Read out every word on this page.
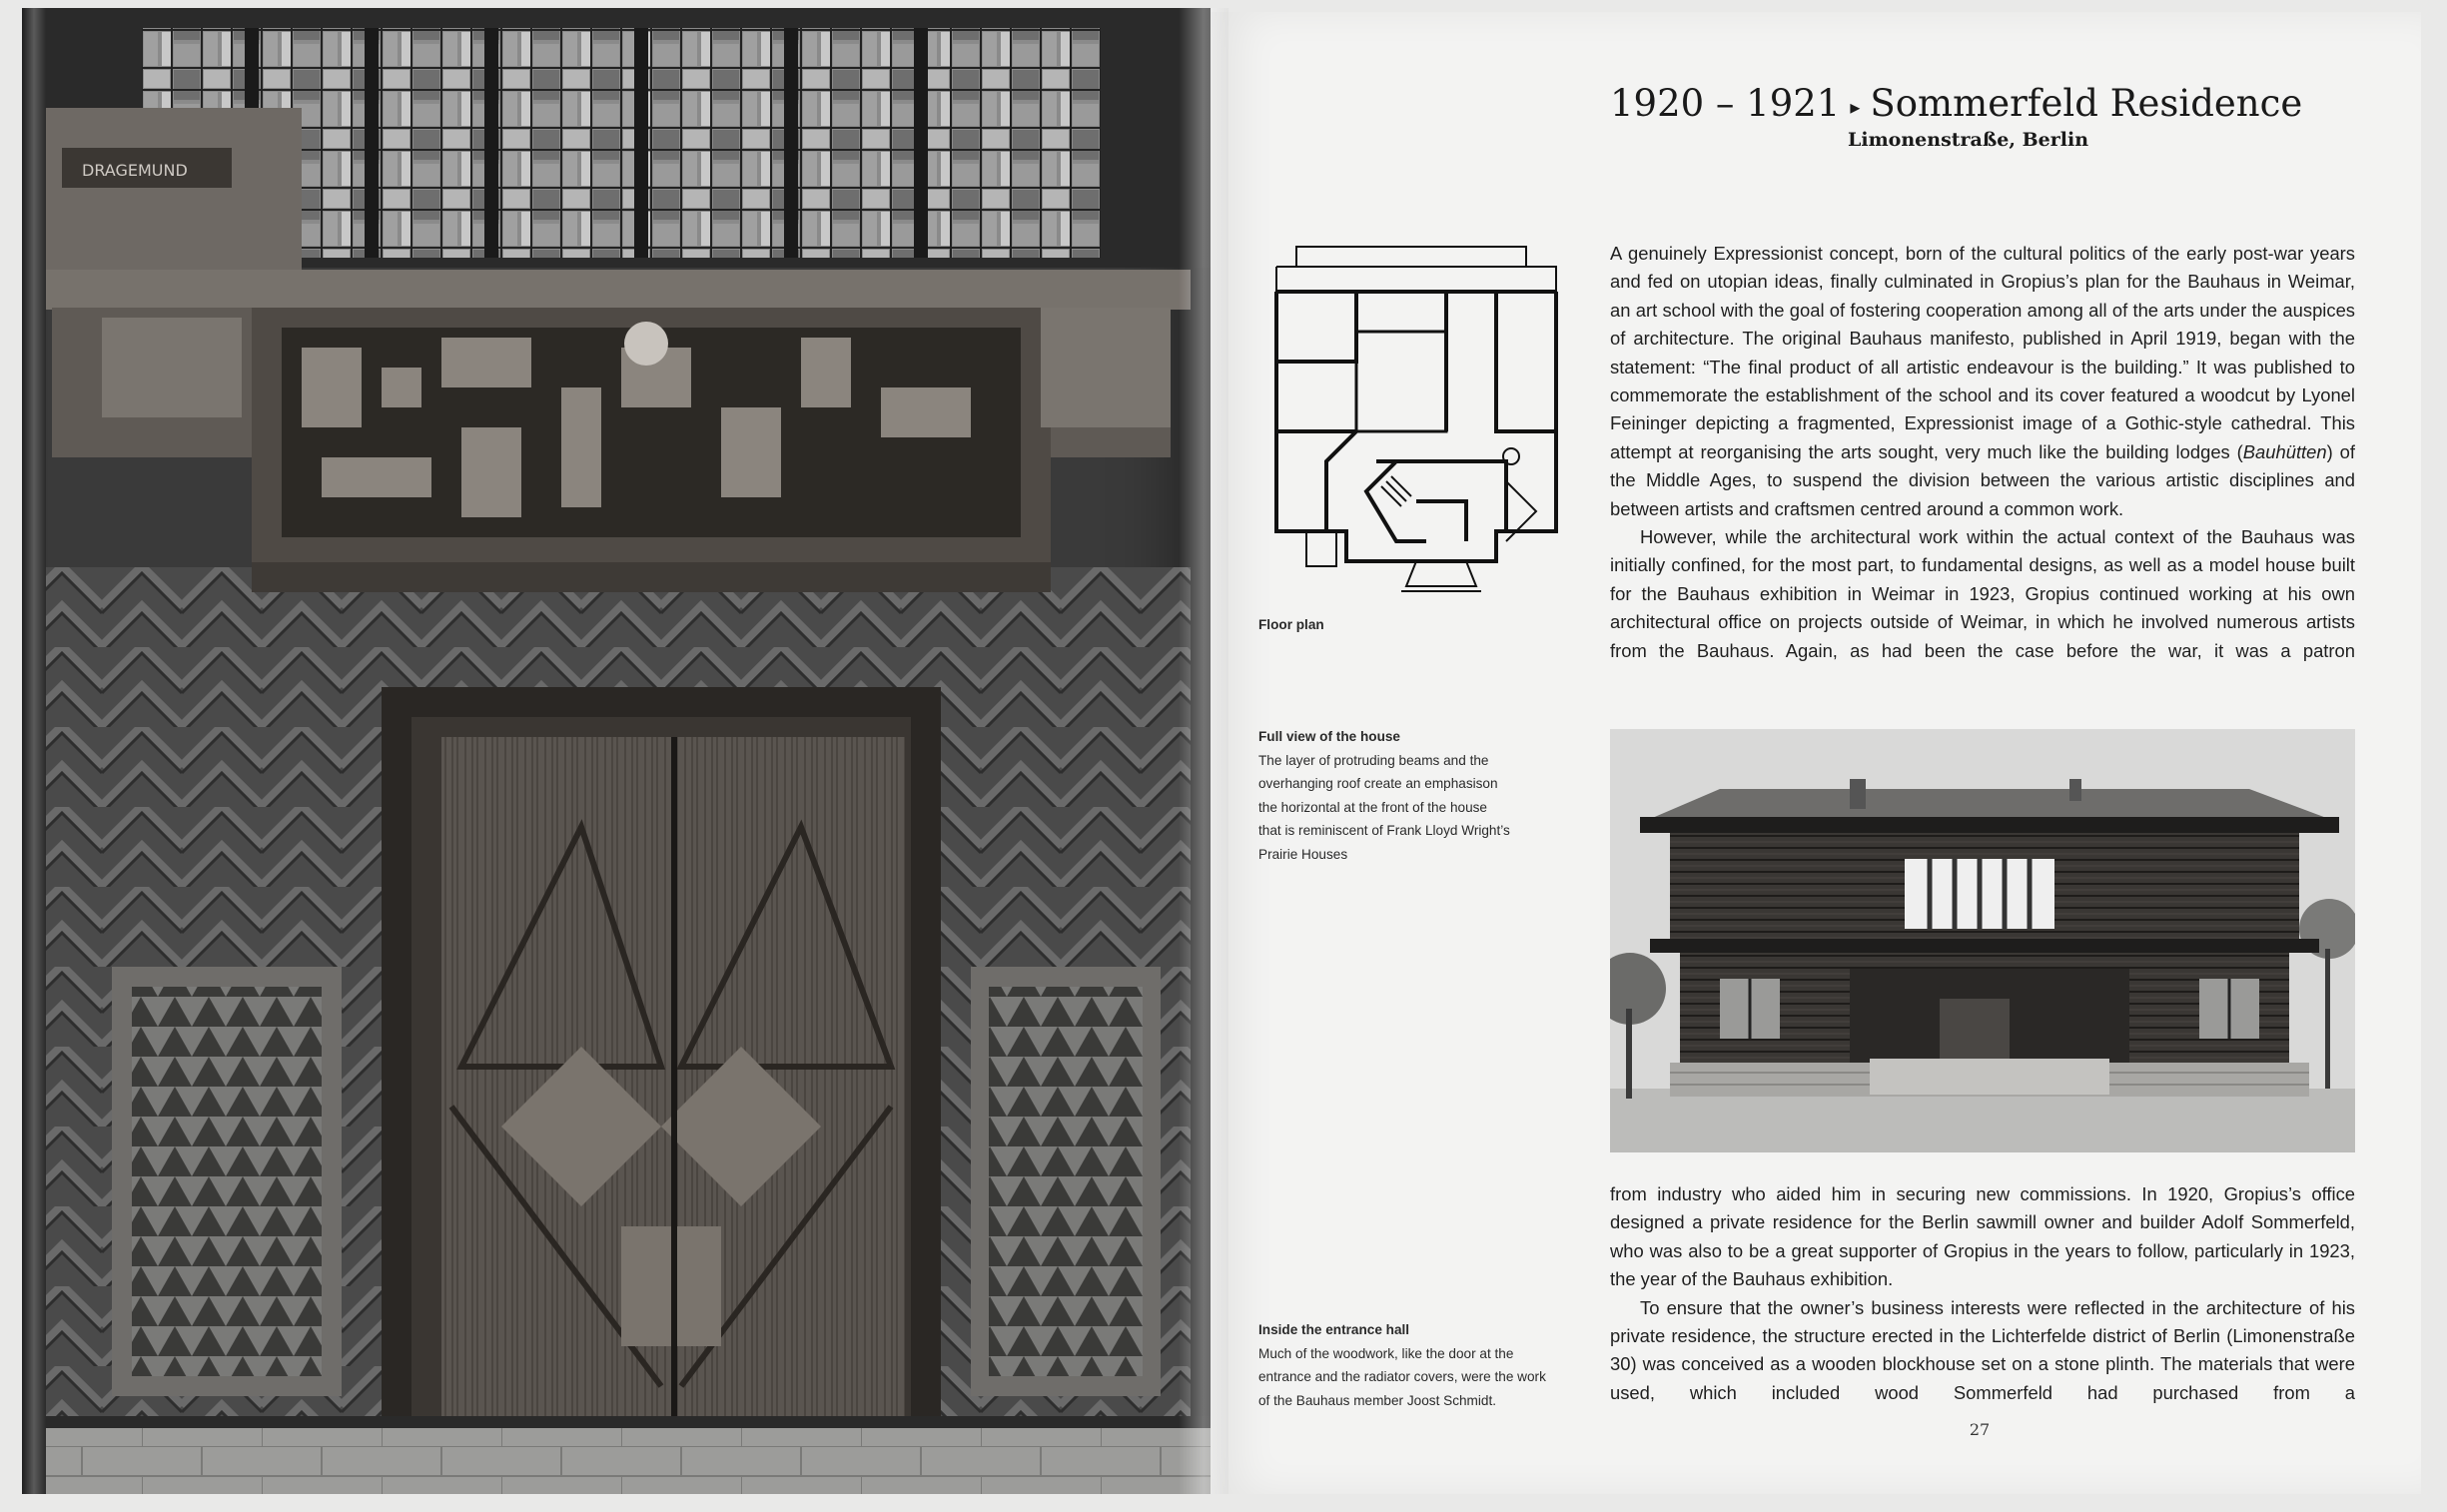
DRAGEMUND
1920 – 1921 ▸ Sommerfeld Residence
Limonenstraße, Berlin
Floor plan

A genuinely Expressionist concept, born of the cultural politics of the early post-war years and fed on utopian ideas, finally culminated in Gropius’s plan for the Bauhaus in Weimar, an art school with the goal of fostering cooperation among all of the arts under the auspices of architecture. The original Bauhaus manifesto, published in April 1919, began with the statement: “The final product of all artistic endeavour is the building.” It was published to commemorate the establishment of the school and its cover featured a woodcut by Lyonel Feininger depicting a fragmented, Expressionist image of a Gothic-style cathedral. This attempt at reorganising the arts sought, very much like the building lodges (Bauhütten) of the Middle Ages, to suspend the division between the various artistic disciplines and between artists and craftsmen centred around a common work.

However, while the architectural work within the actual context of the Bauhaus was initially confined, for the most part, to fundamental designs, as well as a model house built for the Bauhaus exhibition in Weimar in 1923, Gropius continued working at his own architectural office on projects outside of Weimar, in which he involved numerous artists from the Bauhaus. Again, as had been the case before the war, it was a patron

Full view of the house
The layer of protruding beams and the
overhanging roof create an emphasison
the horizontal at the front of the house
that is reminiscent of Frank Lloyd Wright’s
Prairie Houses

from industry who aided him in securing new commissions. In 1920, Gropius’s office designed a private residence for the Berlin sawmill owner and builder Adolf Sommerfeld, who was also to be a great supporter of Gropius in the years to follow, particularly in 1923, the year of the Bauhaus exhibition.

To ensure that the owner’s business interests were reflected in the architecture of his private residence, the structure erected in the Lichterfelde district of Berlin (Limonenstraße 30) was conceived as a wooden blockhouse set on a stone plinth. The materials that were used, which included wood Sommerfeld had purchased from a

Inside the entrance hall
Much of the woodwork, like the door at the
entrance and the radiator covers, were the work
of the Bauhaus member Joost Schmidt.
27
